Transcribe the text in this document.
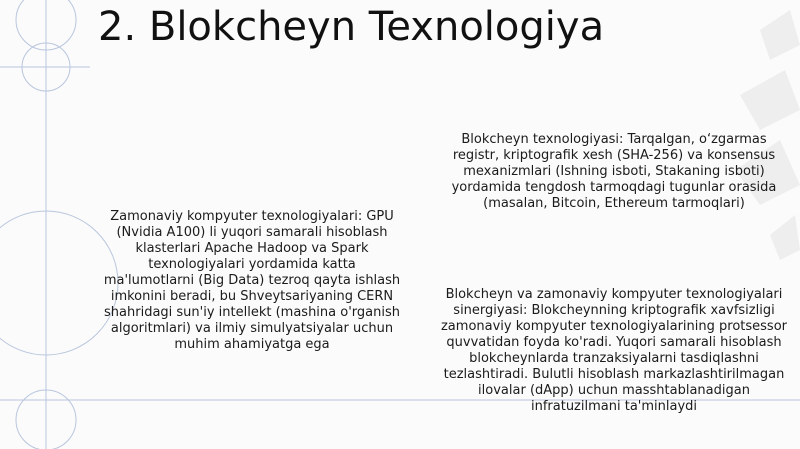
2. Blokcheyn Texnologiya
Zamonaviy kompyuter texnologiyalari: GPU (Nvidia A100) li yuqori samarali hisoblash klasterlari Apache Hadoop va Spark texnologiyalari yordamida katta ma'lumotlarni (Big Data) tezroq qayta ishlash imkonini beradi, bu Shveytsariyaning CERN shahridagi sun'iy intellekt (mashina o'rganish algoritmlari) va ilmiy simulyatsiyalar uchun muhim ahamiyatga ega
Blokcheyn texnologiyasi: Tarqalgan, o‘zgarmas registr, kriptografik xesh (SHA-256) va konsensus mexanizmlari (Ishning isboti, Stakaning isboti) yordamida tengdosh tarmoqdagi tugunlar orasida (masalan, Bitcoin, Ethereum tarmoqlari)
Blokcheyn va zamonaviy kompyuter texnologiyalari sinergiyasi: Blokcheynning kriptografik xavfsizligi zamonaviy kompyuter texnologiyalarining protsessor quvvatidan foyda ko'radi. Yuqori samarali hisoblash blokcheynlarda tranzaksiyalarni tasdiqlashni tezlashtiradi. Bulutli hisoblash markazlashtirilmagan ilovalar (dApp) uchun masshtablanadigan infratuzilmani ta'minlaydi
